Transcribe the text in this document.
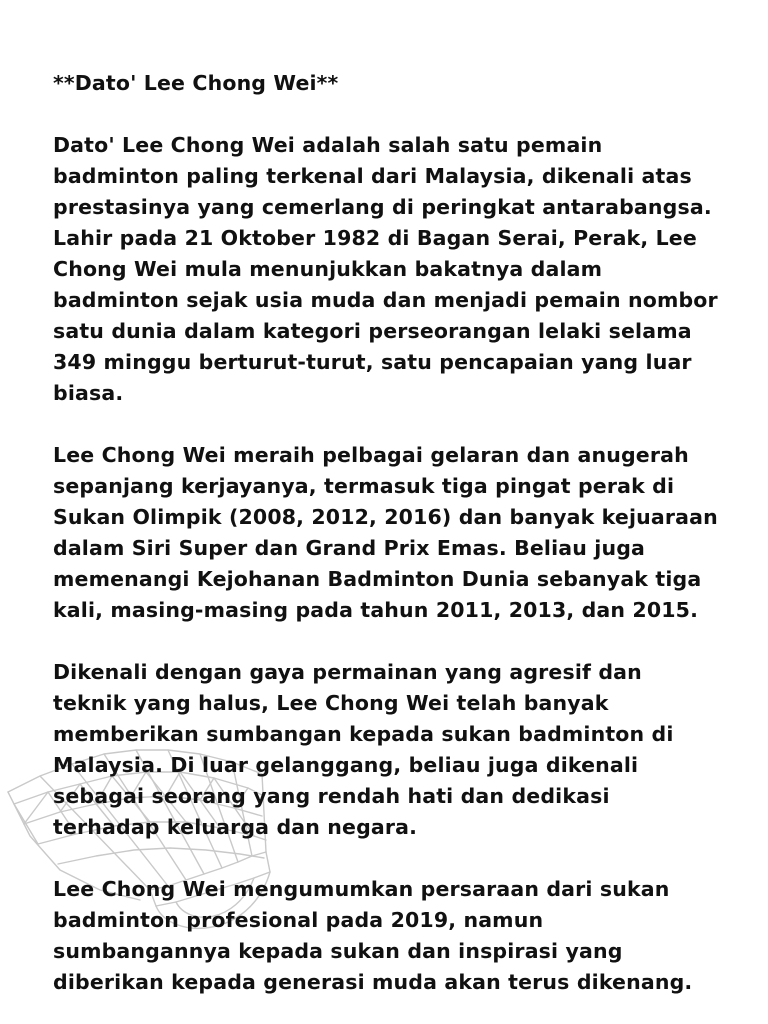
**Dato' Lee Chong Wei**
Dato' Lee Chong Wei adalah salah satu pemain
badminton paling terkenal dari Malaysia, dikenali atas
prestasinya yang cemerlang di peringkat antarabangsa.
Lahir pada 21 Oktober 1982 di Bagan Serai, Perak, Lee
Chong Wei mula menunjukkan bakatnya dalam
badminton sejak usia muda dan menjadi pemain nombor
satu dunia dalam kategori perseorangan lelaki selama
349 minggu berturut-turut, satu pencapaian yang luar
biasa.
Lee Chong Wei meraih pelbagai gelaran dan anugerah
sepanjang kerjayanya, termasuk tiga pingat perak di
Sukan Olimpik (2008, 2012, 2016) dan banyak kejuaraan
dalam Siri Super dan Grand Prix Emas. Beliau juga
memenangi Kejohanan Badminton Dunia sebanyak tiga
kali, masing-masing pada tahun 2011, 2013, dan 2015.
Dikenali dengan gaya permainan yang agresif dan
teknik yang halus, Lee Chong Wei telah banyak
memberikan sumbangan kepada sukan badminton di
Malaysia. Di luar gelanggang, beliau juga dikenali
sebagai seorang yang rendah hati dan dedikasi
terhadap keluarga dan negara.
Lee Chong Wei mengumumkan persaraan dari sukan
badminton profesional pada 2019, namun
sumbangannya kepada sukan dan inspirasi yang
diberikan kepada generasi muda akan terus dikenang.
